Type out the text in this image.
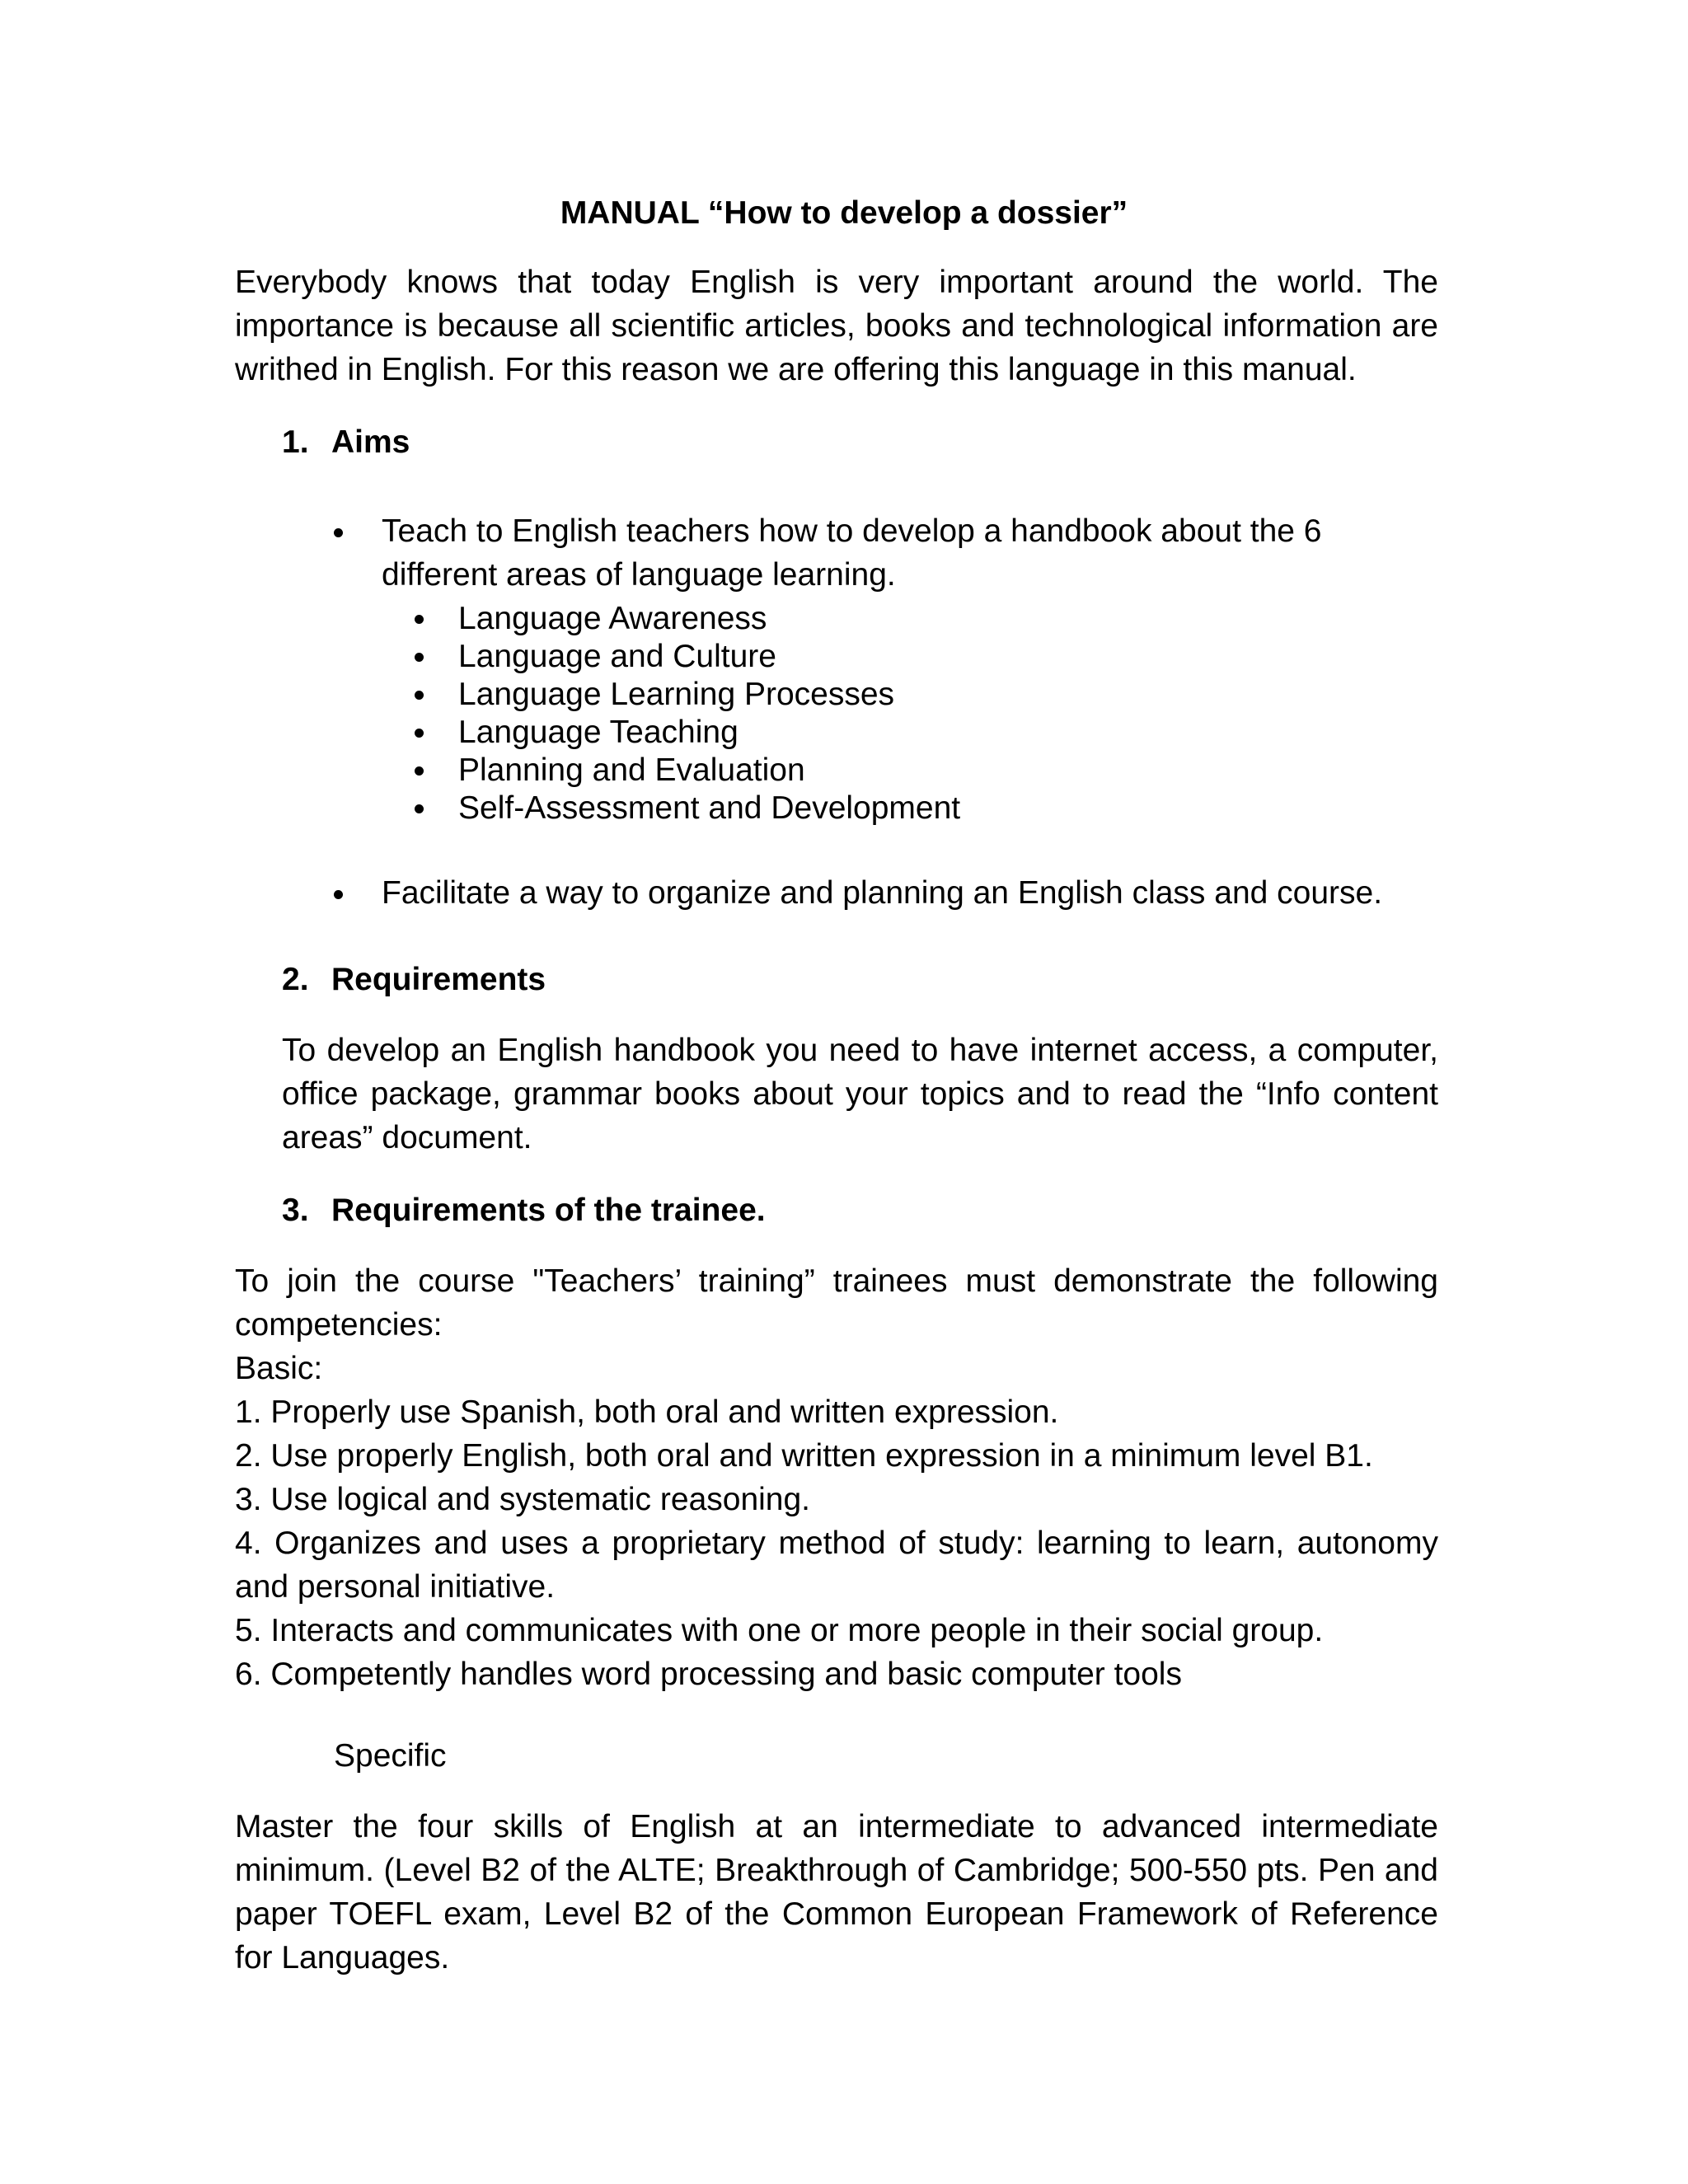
MANUAL “How to develop a dossier”

Everybody knows that today English is very important around the world. The importance is because all scientific articles, books and technological information are writhed in English. For this reason we are offering this language in this manual.

1. Aims

Teach to English teachers how to develop a handbook about the 6 different areas of language learning.

Language Awareness

Language and Culture

Language Learning Processes

Language Teaching

Planning and Evaluation

Self-Assessment and Development

Facilitate a way to organize and planning an English class and course.

2. Requirements

To develop an English handbook you need to have internet access, a computer, office package, grammar books about your topics and to read the “Info content areas” document.

3. Requirements of the trainee.

To join the course "Teachers’ training” trainees must demonstrate the following competencies:

Basic:

1. Properly use Spanish, both oral and written expression.

2. Use properly English, both oral and written expression in a minimum level B1.

3. Use logical and systematic reasoning.

4. Organizes and uses a proprietary method of study: learning to learn, autonomy and personal initiative.

5. Interacts and communicates with one or more people in their social group.

6. Competently handles word processing and basic computer tools

Specific

Master the four skills of English at an intermediate to advanced intermediate minimum. (Level B2 of the ALTE; Breakthrough of Cambridge; 500-550 pts. Pen and paper TOEFL exam, Level B2 of the Common European Framework of Reference for Languages.
